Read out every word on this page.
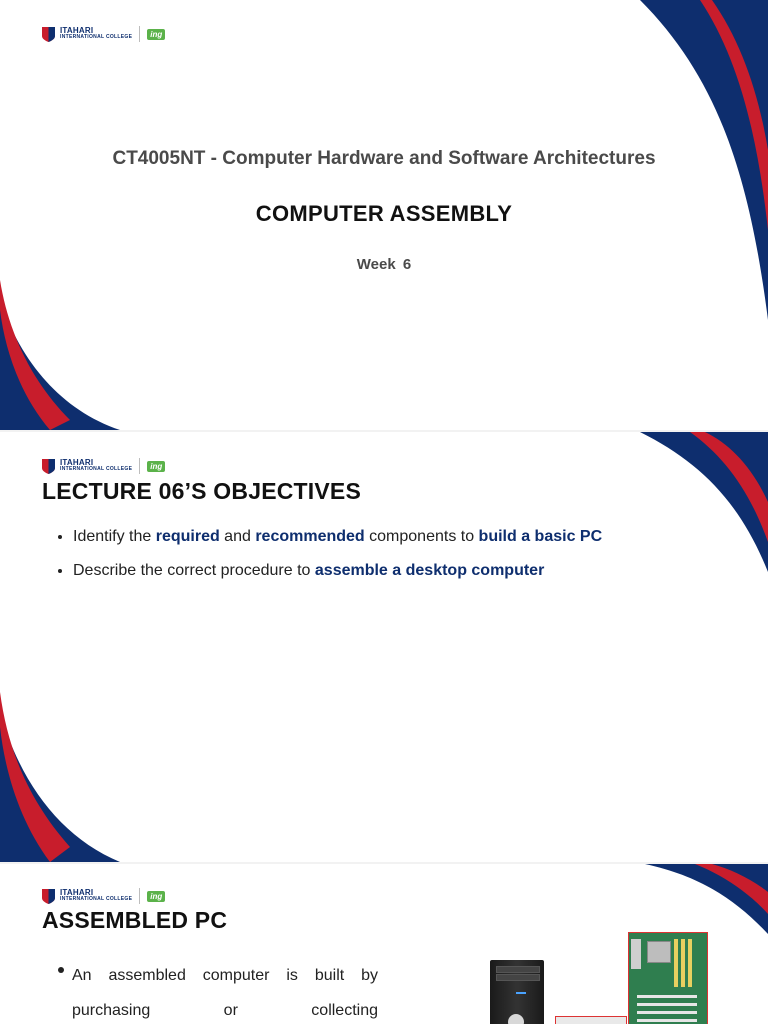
ITAHARI
INTERNATIONAL COLLEGE	ing
CT4005NT - Computer Hardware and Software Architectures
COMPUTER ASSEMBLY
Week 6
ITAHARI
INTERNATIONAL COLLEGE	ing
LECTURE 06’S OBJECTIVES
• Identify the required and recommended components to build a basic PC
• Describe the correct procedure to assemble a desktop computer
ITAHARI
INTERNATIONAL COLLEGE	ing
ASSEMBLED PC
An assembled computer is built by
purchasing or collecting
